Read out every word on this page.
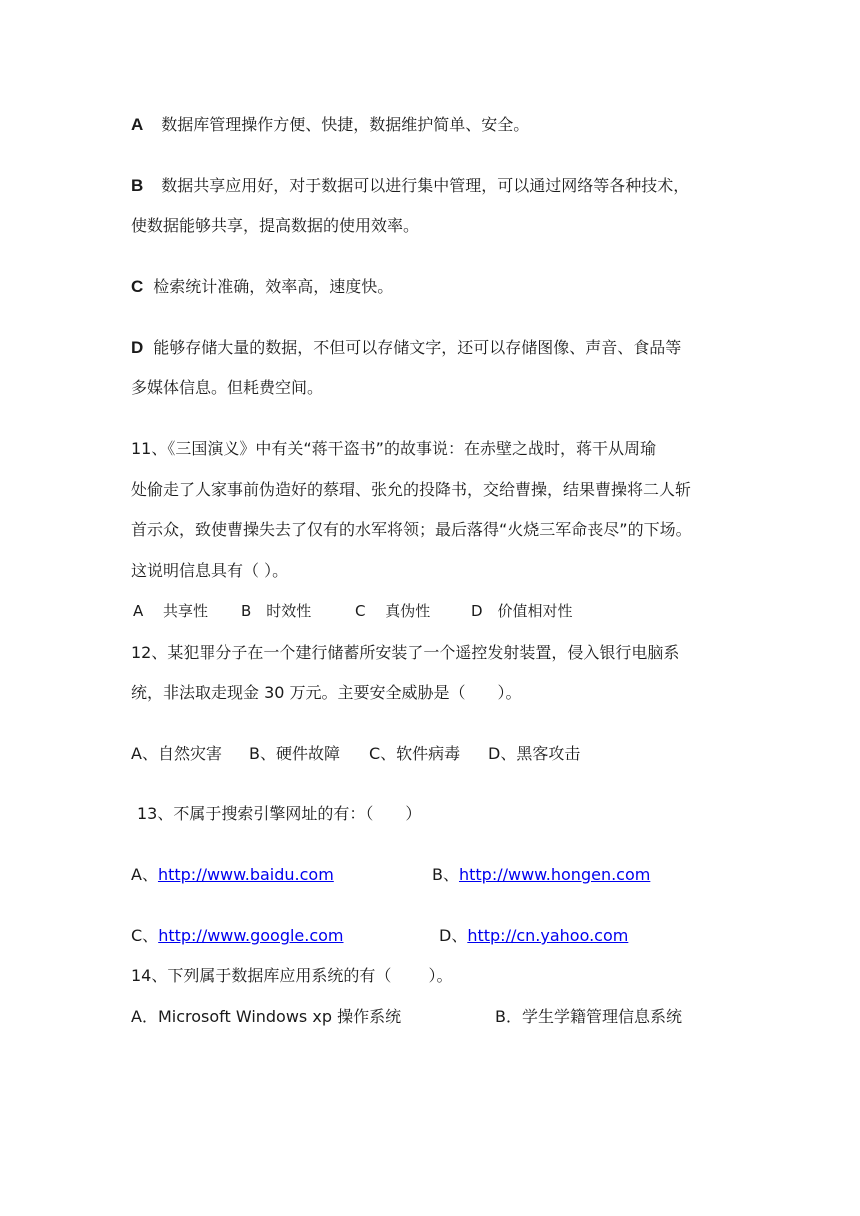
A 数据库管理操作方便、快捷，数据维护简单、安全。
B 数据共享应用好，对于数据可以进行集中管理，可以通过网络等各种技术，
使数据能够共享，提高数据的使用效率。
C 检索统计准确，效率高，速度快。
D 能够存储大量的数据，不但可以存储文字，还可以存储图像、声音、食品等
多媒体信息。但耗费空间。
11、《三国演义》中有关“蒋干盗书”的故事说：在赤壁之战时，蒋干从周瑜
处偷走了人家事前伪造好的蔡瑁、张允的投降书，交给曹操，结果曹操将二人斩
首示众，致使曹操失去了仅有的水军将领；最后落得“火烧三军命丧尽”的下场。
这说明信息具有（ ）。
A　 共享性 B　时效性	C　 真伪性	D　价值相对性
12、某犯罪分子在一个建行储蓄所安装了一个遥控发射装置，侵入银行电脑系
统，非法取走现金 30 万元。主要安全威胁是（　　）。
A、自然灾害 B、硬件故障 C、软件病毒 D、黑客攻击
13、不属于搜索引擎网址的有：（　　）
A、http://www.baidu.com	B、http://www.hongen.com
C、http://www.google.com	D、http://cn.yahoo.com
14、下列属于数据库应用系统的有（　　 ）。
A．Microsoft Windows xp 操作系统	B．学生学籍管理信息系统
